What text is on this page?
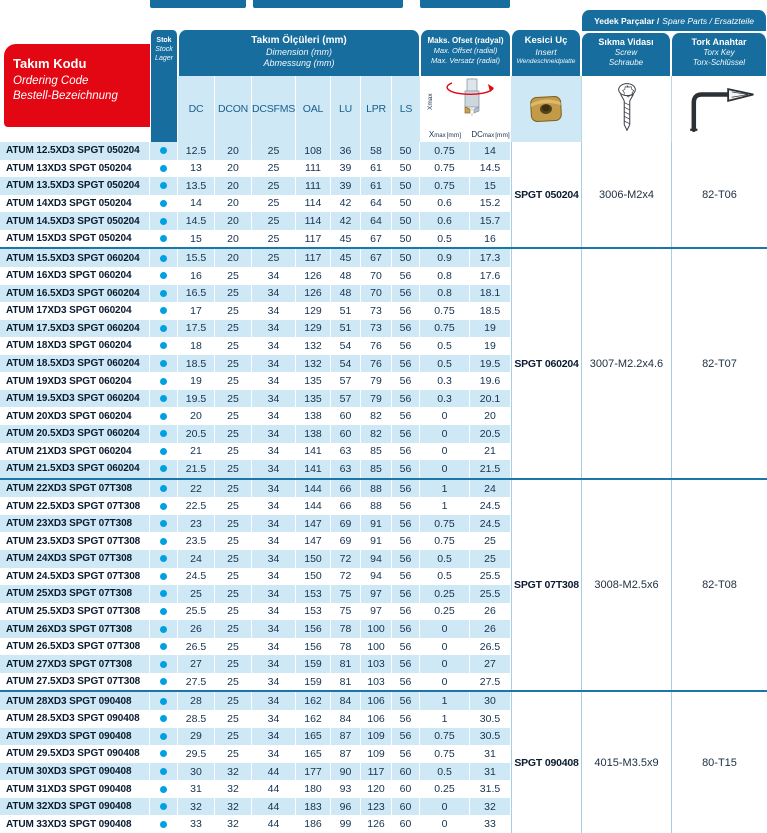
Takım Kodu
Ordering Code
Bestell-Bezeichnung
Stok
Stock
Lager
Takım Ölçüleri (mm)
Dimension (mm)
Abmessung (mm)
DC	DCON DCSFMS OAL	LU	LPR	LS
Maks. Ofset (radyal)
Max. Offset (radial)
Max. Versatz (radial)
Xmax
X max [mm] DC max [mm]
Kesici Uç
Insert
Wendeschneidplatte
Yedek Parçalar / Spare Parts / Ersatzteile
Sıkma Vidası
Screw
Schraube
Tork Anahtar
Torx Key
Torx-Schlüssel
ATUM 12.5XD3 SPGT 050204	12.5	20	25	108	36	58	50	0.75	14
ATUM 13XD3 SPGT 050204	13	20	25	111	39	61	50	0.75	14.5
ATUM 13.5XD3 SPGT 050204	13.5	20	25	111	39	61	50	0.75	15
ATUM 14XD3 SPGT 050204	14	20	25	114	42	64	50	0.6	15.2
ATUM 14.5XD3 SPGT 050204	14.5	20	25	114	42	64	50	0.6	15.7
ATUM 15XD3 SPGT 050204	15	20	25	117	45	67	50	0.5	16
SPGT 050204	3006-M2x4	82-T06
ATUM 15.5XD3 SPGT 060204	15.5	20	25	117	45	67	50	0.9	17.3
ATUM 16XD3 SPGT 060204	16	25	34	126	48	70	56	0.8	17.6
ATUM 16.5XD3 SPGT 060204	16.5	25	34	126	48	70	56	0.8	18.1
ATUM 17XD3 SPGT 060204	17	25	34	129	51	73	56	0.75	18.5
ATUM 17.5XD3 SPGT 060204	17.5	25	34	129	51	73	56	0.75	19
ATUM 18XD3 SPGT 060204	18	25	34	132	54	76	56	0.5	19
ATUM 18.5XD3 SPGT 060204	18.5	25	34	132	54	76	56	0.5	19.5
ATUM 19XD3 SPGT 060204	19	25	34	135	57	79	56	0.3	19.6
ATUM 19.5XD3 SPGT 060204	19.5	25	34	135	57	79	56	0.3	20.1
ATUM 20XD3 SPGT 060204	20	25	34	138	60	82	56	0	20
ATUM 20.5XD3 SPGT 060204	20.5	25	34	138	60	82	56	0	20.5
ATUM 21XD3 SPGT 060204	21	25	34	141	63	85	56	0	21
ATUM 21.5XD3 SPGT 060204	21.5	25	34	141	63	85	56	0	21.5
SPGT 060204	3007-M2.2x4.6	82-T07
ATUM 22XD3 SPGT 07T308	22	25	34	144	66	88	56	1	24
ATUM 22.5XD3 SPGT 07T308	22.5	25	34	144	66	88	56	1	24.5
ATUM 23XD3 SPGT 07T308	23	25	34	147	69	91	56	0.75	24.5
ATUM 23.5XD3 SPGT 07T308	23.5	25	34	147	69	91	56	0.75	25
ATUM 24XD3 SPGT 07T308	24	25	34	150	72	94	56	0.5	25
ATUM 24.5XD3 SPGT 07T308	24.5	25	34	150	72	94	56	0.5	25.5
ATUM 25XD3 SPGT 07T308	25	25	34	153	75	97	56	0.25	25.5
ATUM 25.5XD3 SPGT 07T308	25.5	25	34	153	75	97	56	0.25	26
ATUM 26XD3 SPGT 07T308	26	25	34	156	78	100	56	0	26
ATUM 26.5XD3 SPGT 07T308	26.5	25	34	156	78	100	56	0	26.5
ATUM 27XD3 SPGT 07T308	27	25	34	159	81	103	56	0	27
ATUM 27.5XD3 SPGT 07T308	27.5	25	34	159	81	103	56	0	27.5
SPGT 07T308	3008-M2.5x6	82-T08
ATUM 28XD3 SPGT 090408	28	25	34	162	84	106	56	1	30
ATUM 28.5XD3 SPGT 090408	28.5	25	34	162	84	106	56	1	30.5
ATUM 29XD3 SPGT 090408	29	25	34	165	87	109	56	0.75	30.5
ATUM 29.5XD3 SPGT 090408	29.5	25	34	165	87	109	56	0.75	31
ATUM 30XD3 SPGT 090408	30	32	44	177	90	117	60	0.5	31
ATUM 31XD3 SPGT 090408	31	32	44	180	93	120	60	0.25	31.5
ATUM 32XD3 SPGT 090408	32	32	44	183	96	123	60	0	32
ATUM 33XD3 SPGT 090408	33	32	44	186	99	126	60	0	33
SPGT 090408	4015-M3.5x9	80-T15
